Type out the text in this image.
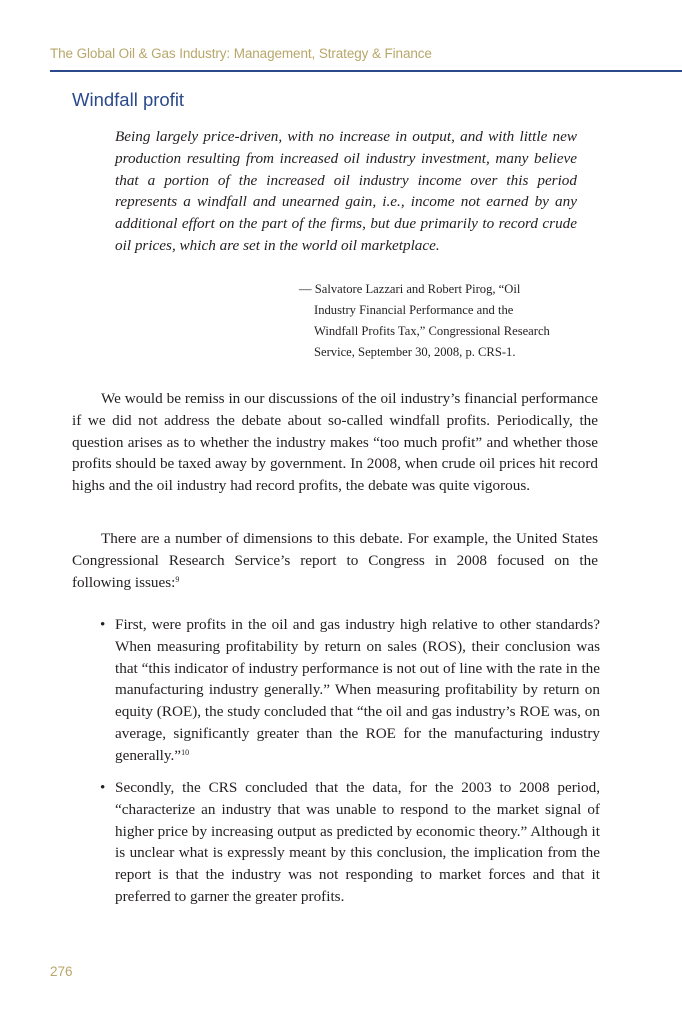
The Global Oil & Gas Industry: Management, Strategy & Finance
Windfall profit

Being largely price-driven, with no increase in output, and with little new production resulting from increased oil industry investment, many believe that a portion of the increased oil industry income over this period represents a windfall and unearned gain, i.e., income not earned by any additional effort on the part of the firms, but due primarily to record crude oil prices, which are set in the world oil marketplace.

— Salvatore Lazzari and Robert Pirog, “Oil
Industry Financial Performance and the
Windfall Profits Tax,” Congressional Research
Service, September 30, 2008, p. CRS-1.

We would be remiss in our discussions of the oil industry’s financial performance if we did not address the debate about so-called windfall profits. Periodically, the question arises as to whether the industry makes “too much profit” and whether those profits should be taxed away by government. In 2008, when crude oil prices hit record highs and the oil industry had record profits, the debate was quite vigorous.

There are a number of dimensions to this debate. For example, the United States Congressional Research Service’s report to Congress in 2008 focused on the following issues:$^9$

• First, were profits in the oil and gas industry high relative to other standards? When measuring profitability by return on sales (ROS), their conclusion was that “this indicator of industry performance is not out of line with the rate in the manufacturing industry generally.” When measuring profitability by return on equity (ROE), the study concluded that “the oil and gas industry’s ROE was, on average, significantly greater than the ROE for the manufacturing industry generally.”$^{10}$
• Secondly, the CRS concluded that the data, for the 2003 to 2008 period, “characterize an industry that was unable to respond to the market signal of higher price by increasing output as predicted by economic theory.” Although it is unclear what is expressly meant by this conclusion, the implication from the report is that the industry was not responding to market forces and that it preferred to garner the greater profits.
276
